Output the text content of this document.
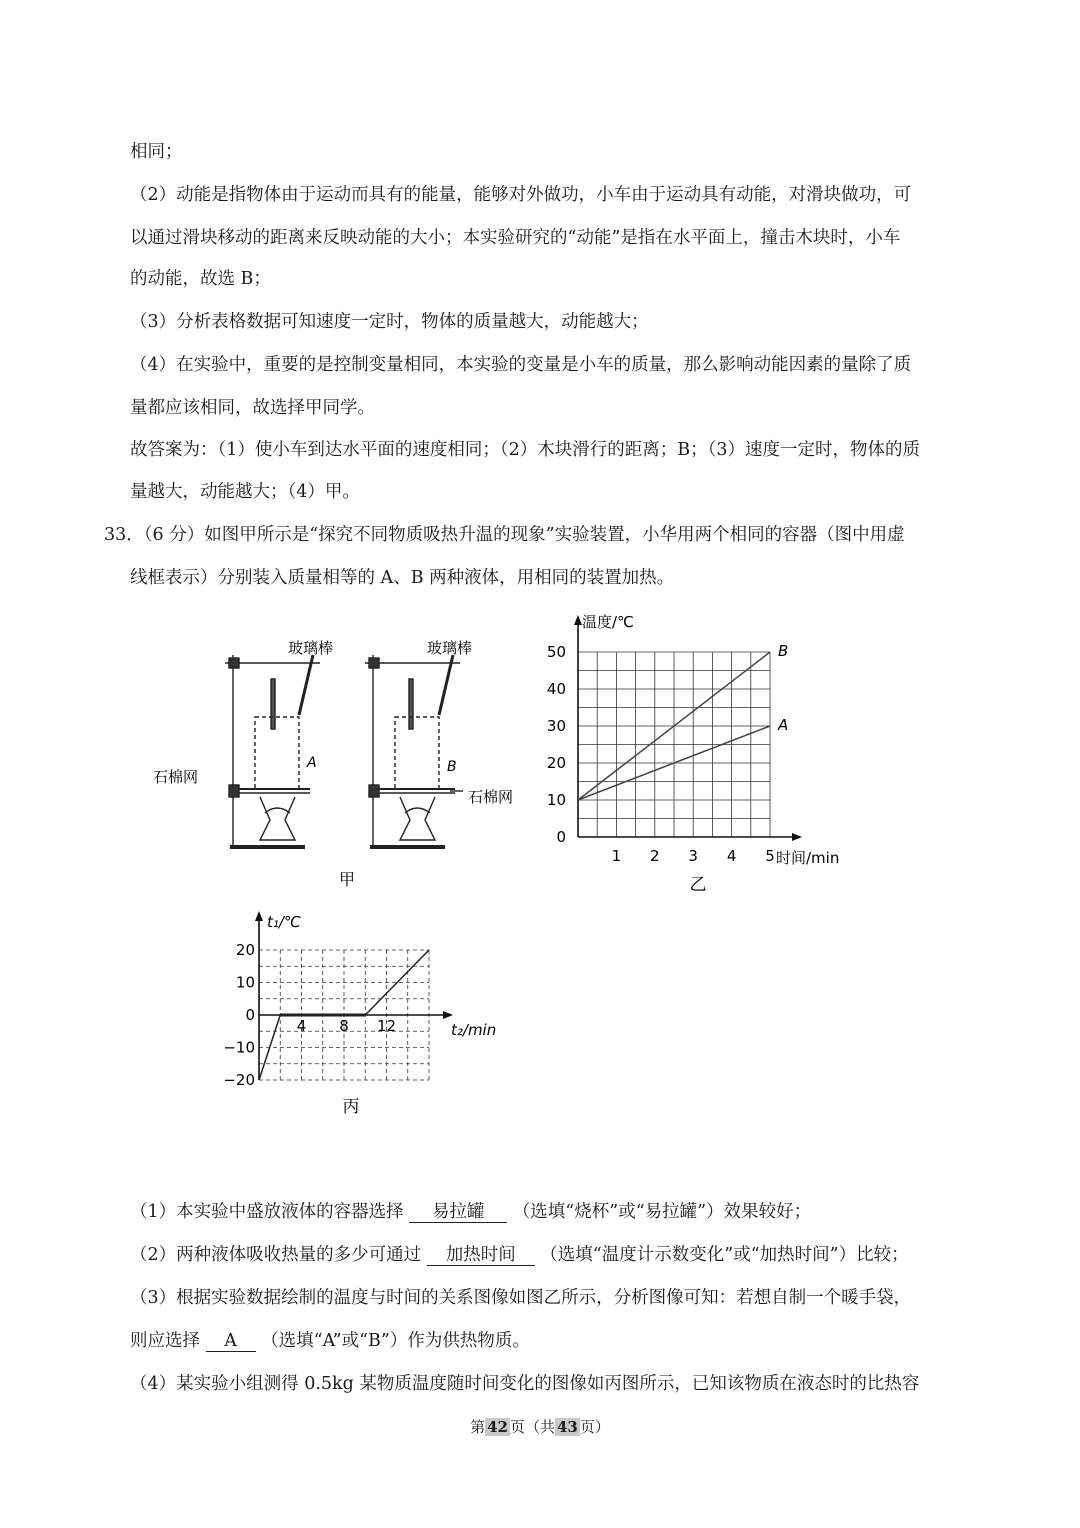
相同；
（2）动能是指物体由于运动而具有的能量，能够对外做功，小车由于运动具有动能，对滑块做功，可
以通过滑块移动的距离来反映动能的大小；本实验研究的“动能”是指在水平面上，撞击木块时，小车
的动能，故选 B；
（3）分析表格数据可知速度一定时，物体的质量越大，动能越大；
（4）在实验中，重要的是控制变量相同，本实验的变量是小车的质量，那么影响动能因素的量除了质
量都应该相同，故选择甲同学。
故答案为：（1）使小车到达水平面的速度相同；（2）木块滑行的距离；B；（3）速度一定时，物体的质
量越大，动能越大；（4）甲。
33．（6 分）如图甲所示是“探究不同物质吸热升温的现象”实验装置，小华用两个相同的容器（图中用虚
线框表示）分别装入质量相等的 A、B 两种液体，用相同的装置加热。
玻璃棒	玻璃棒
石棉网
石棉网
A	B
甲
0
10
20
30
40
50
1 2 3 4 5
温度/℃
时间/min
乙
B
A
20
10
0
−10
−20
4 8 12
t₁/℃
t₂/min
丙
（1）本实验中盛放液体的容器选择 易拉罐 （选填“烧杯”或“易拉罐”）效果较好；
（2）两种液体吸收热量的多少可通过 加热时间 （选填“温度计示数变化”或“加热时间”）比较；
（3）根据实验数据绘制的温度与时间的关系图像如图乙所示，分析图像可知：若想自制一个暖手袋，
则应选择 A （选填“A”或“B”）作为供热物质。
（4）某实验小组测得 0.5kg 某物质温度随时间变化的图像如丙图所示，已知该物质在液态时的比热容
第 42 页（共 43 页）
